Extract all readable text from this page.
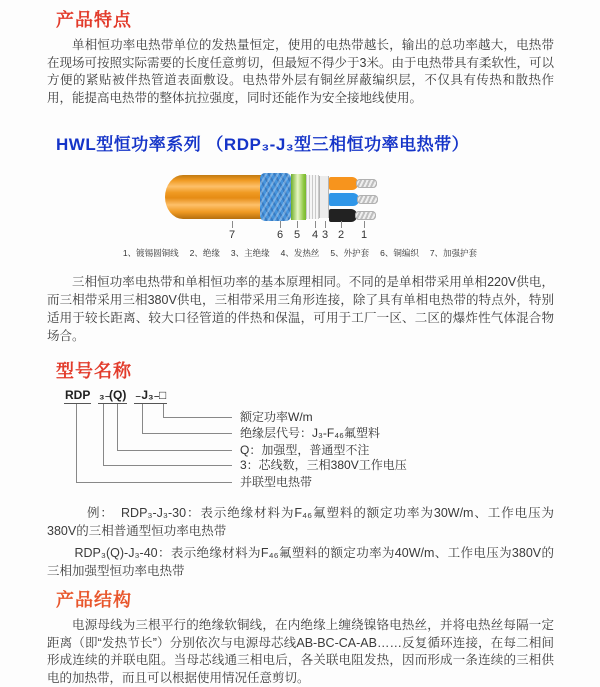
产品特点

单相恒功率电热带单位的发热量恒定，使用的电热带越长，输出的总功率越大，电热带在现场可按照实际需要的长度任意剪切，但最短不得少于3米。由于电热带具有柔软性，可以方便的紧贴被伴热管道表面敷设。电热带外层有铜丝屏蔽编织层，不仅具有传热和散热作用，能提高电热带的整体抗拉强度，同时还能作为安全接地线使用。

HWL型恒功率系列 （RDP₃-J₃型三相恒功率电热带）
7	6 5 4 3 2 1
1、镀锡圆铜线 2、绝缘 3、主绝缘 4、发热丝 5、外护套 6、铜编织 7、加强护套

三相恒功率电热带和单相恒功率的基本原理相同。不同的是单相带采用单相220V供电，而三相带采用三相380V供电，三相带采用三角形连接，除了具有单相电热带的特点外，特别适用于较长距离、较大口径管道的伴热和保温，可用于工厂一区、二区的爆炸性气体混合物场合。

型号名称
RDP ₃₋
(Q) ₋J₃₋ □
额定功率W/m
绝缘层代号：J₃-F₄₆氟塑料
Q：加强型，普通型不注
3：芯线数，三相380V工作电压
并联型电热带

例：　RDP₃-J₃-30：表示绝缘材料为F₄₆氟塑料的额定功率为30W/m、工作电压为380V的三相普通型恒功率电热带

RDP₃(Q)-J₃-40：表示绝缘材料为F₄₆氟塑料的额定功率为40W/m、工作电压为380V的三相加强型恒功率电热带

产品结构

电源母线为三根平行的绝缘软铜线，在内绝缘上缠绕镍铬电热丝，并将电热丝每隔一定距离（即“发热节长”）分别依次与电源母芯线AB-BC-CA-AB……反复循环连接，在每二相间形成连续的并联电阻。当母芯线通三相电后，各关联电阻发热，因而形成一条连续的三相供电的加热带，而且可以根据使用情况任意剪切。
